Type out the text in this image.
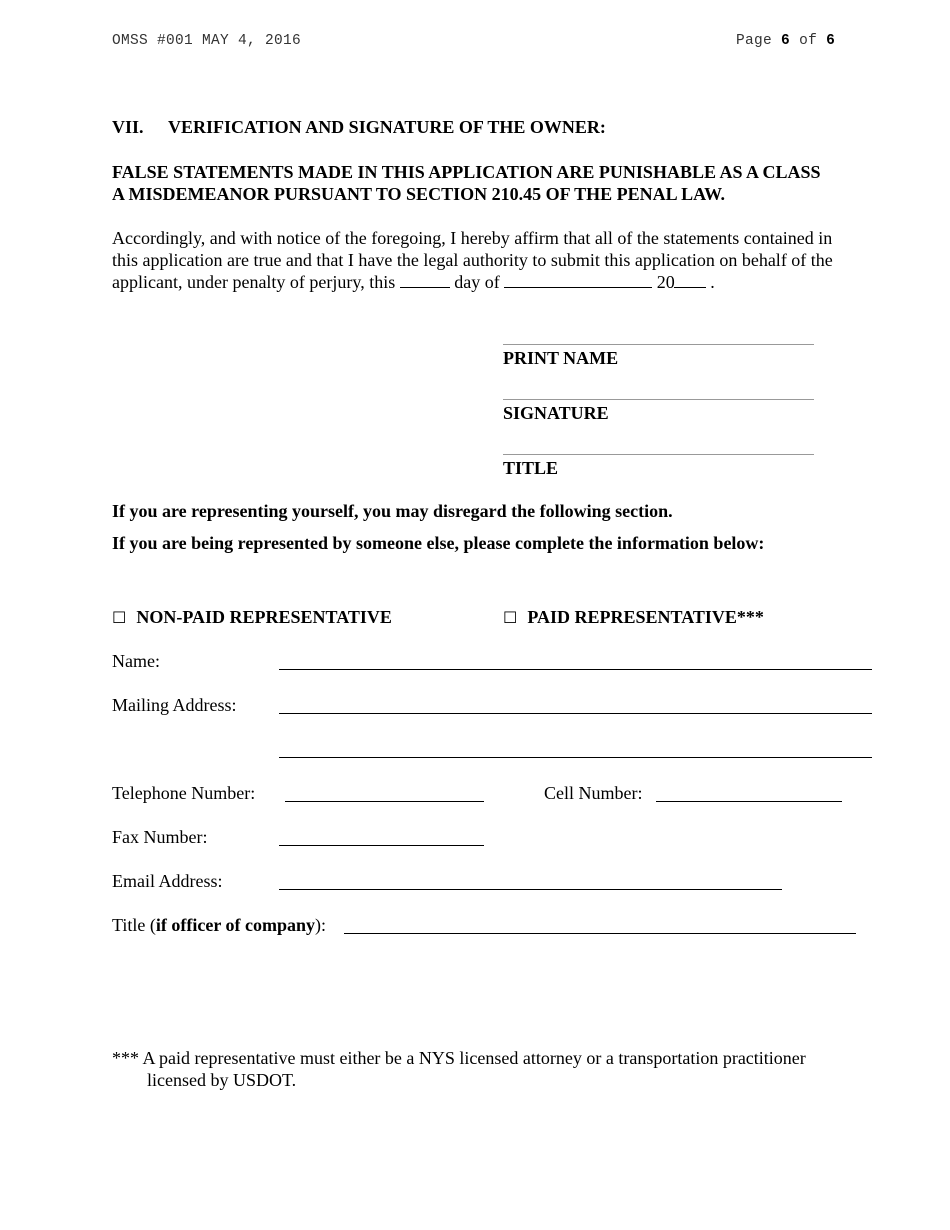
OMSS #001 MAY 4, 2016	Page 6 of 6
VII. VERIFICATION AND SIGNATURE OF THE OWNER:
FALSE STATEMENTS MADE IN THIS APPLICATION ARE PUNISHABLE AS A CLASS
A MISDEMEANOR PURSUANT TO SECTION 210.45 OF THE PENAL LAW.
Accordingly, and with notice of the foregoing, I hereby affirm that all of the statements contained in
this application are true and that I have the legal authority to submit this application on behalf of the
applicant, under penalty of perjury, this	day of	20 .
PRINT NAME
SIGNATURE
TITLE
If you are representing yourself, you may disregard the following section.
If you are being represented by someone else, please complete the information below:
☐ NON-PAID REPRESENTATIVE	☐ PAID REPRESENTATIVE***
Name:
Mailing Address:
Telephone Number:	Cell Number:
Fax Number:
Email Address:
Title (if officer of company):
*** A paid representative must either be a NYS licensed attorney or a transportation practitioner
licensed by USDOT.
